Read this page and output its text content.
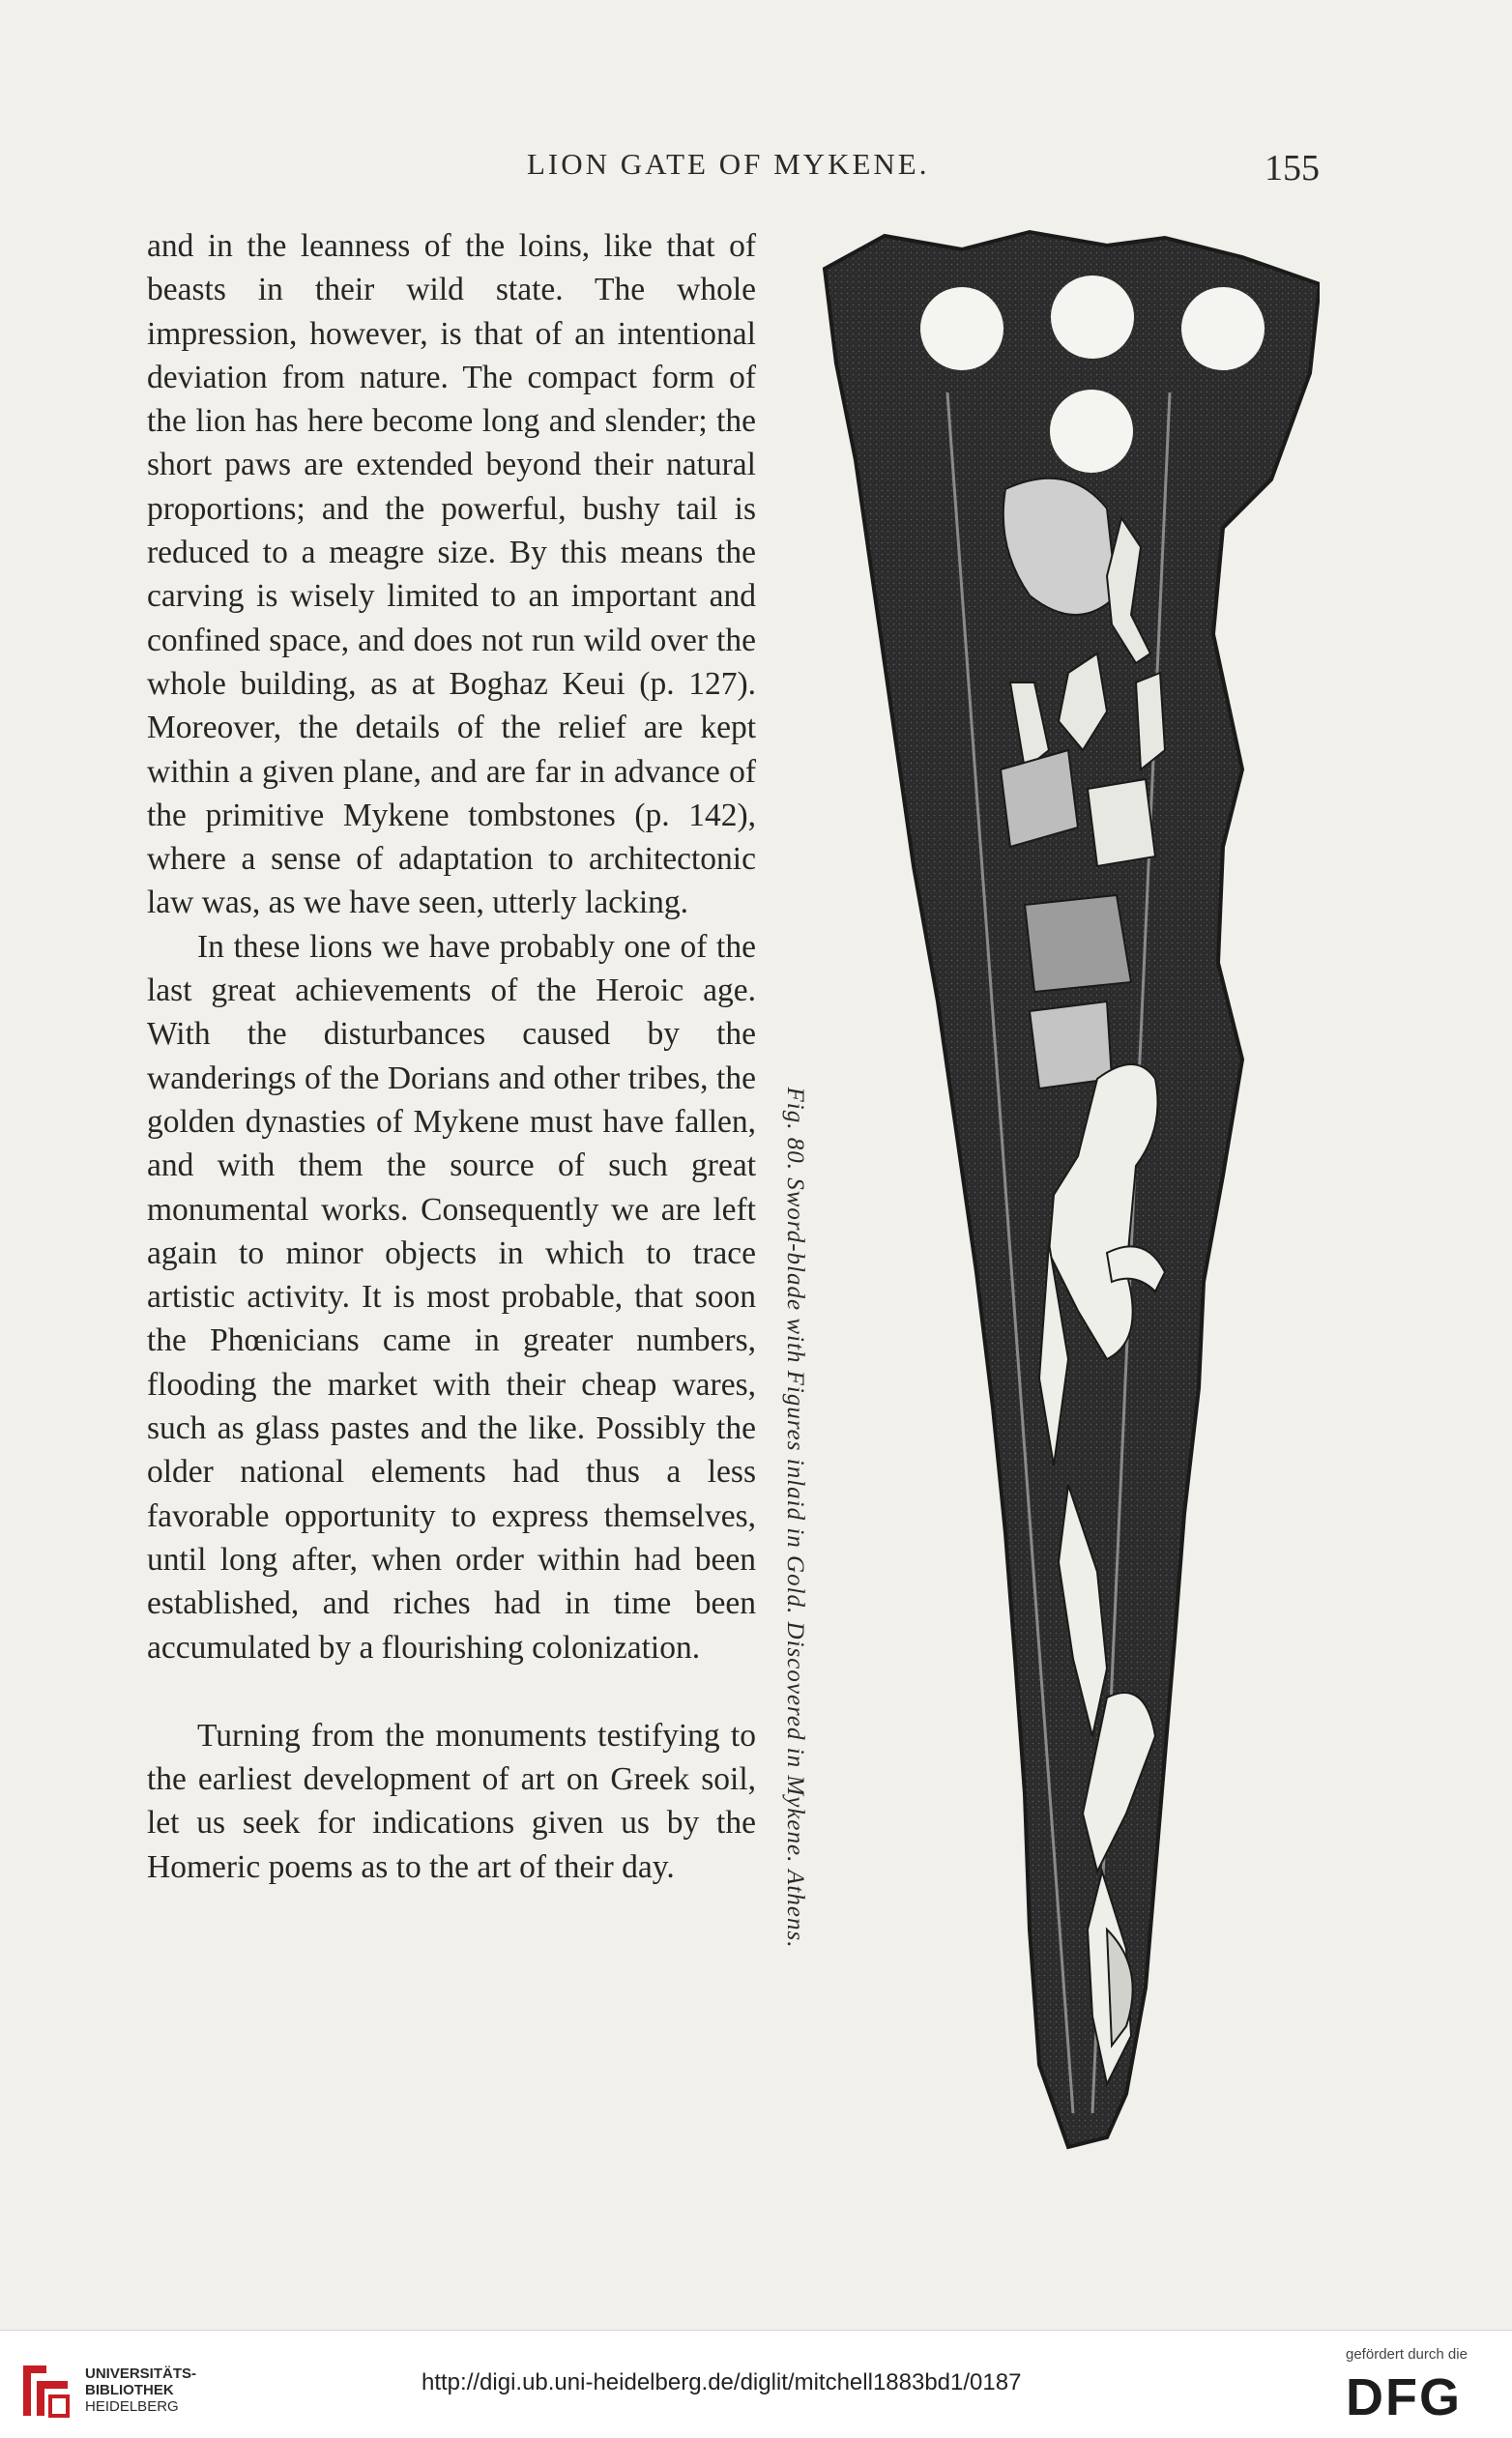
LION GATE OF MYKENE.	155

and in the leanness of the loins, like that of beasts in their wild state. The whole impression, however, is that of an intentional deviation from nature. The compact form of the lion has here become long and slender; the short paws are extended beyond their natural proportions; and the powerful, bushy tail is reduced to a meagre size. By this means the carving is wisely limited to an important and confined space, and does not run wild over the whole building, as at Boghaz Keui (p. 127). Moreover, the details of the relief are kept within a given plane, and are far in advance of the primitive Mykene tombstones (p. 142), where a sense of adaptation to architectonic law was, as we have seen, utterly lacking.

In these lions we have probably one of the last great achievements of the Heroic age. With the disturbances caused by the wanderings of the Dorians and other tribes, the golden dynasties of Mykene must have fallen, and with them the source of such great monumental works. Consequently we are left again to minor objects in which to trace artistic activity. It is most probable, that soon the Phœnicians came in greater numbers, flooding the market with their cheap wares, such as glass pastes and the like. Possibly the older national elements had thus a less favorable opportunity to express themselves, until long after, when order within had been established, and riches had in time been accumulated by a flourishing colonization.

Turning from the monuments testifying to the earliest development of art on Greek soil, let us seek for indications given us by the Homeric poems as to the art of their day.	Fig. 80. Sword-blade with Figures inlaid in Gold. Discovered in Mykene. Athens.
UNIVERSITÄTS-
BIBLIOTHEK
HEIDELBERG
http://digi.ub.uni-heidelberg.de/diglit/mitchell1883bd1/0187
gefördert durch die
DFG
